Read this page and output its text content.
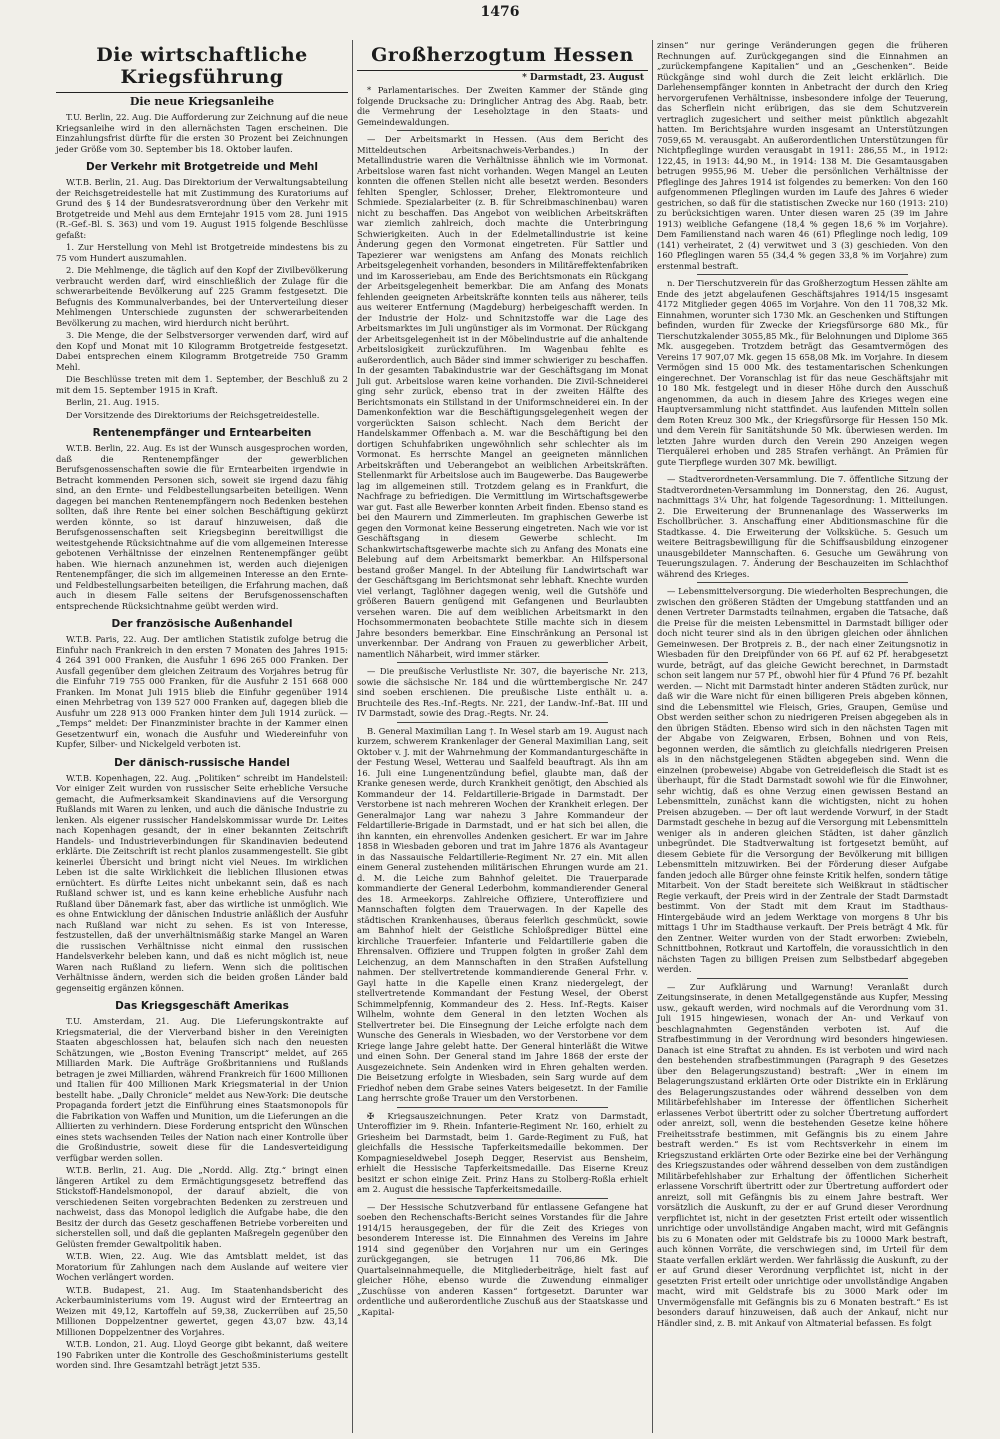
1476
Die wirtschaftliche Kriegsführung
Die neue Kriegsanleihe

T.U. Berlin, 22. Aug. Die Aufforderung zur Zeichnung auf die neue Kriegsanleihe wird in den allernächsten Tagen erscheinen. Die Einzahlungsfrist dürfte für die ersten 30 Prozent bei Zeichnungen jeder Größe vom 30. September bis 18. Oktober laufen.

Der Verkehr mit Brotgetreide und Mehl

W.T.B. Berlin, 21. Aug. Das Direktorium der Verwaltungsabteilung der Reichsgetreidestelle hat mit Zustimmung des Kuratoriums auf Grund des § 14 der Bundesratsverordnung über den Verkehr mit Brotgetreide und Mehl aus dem Erntejahr 1915 vom 28. Juni 1915 (R.-Gef.-Bl. S. 363) und vom 19. August 1915 folgende Beschlüsse gefaßt:

1. Zur Herstellung von Mehl ist Brotgetreide mindestens bis zu 75 vom Hundert auszumahlen.

2. Die Mehlmenge, die täglich auf den Kopf der Zivilbevölkerung verbraucht werden darf, wird einschließlich der Zulage für die schwerarbeitende Bevölkerung auf 225 Gramm festgesetzt. Die Befugnis des Kommunalverbandes, bei der Unterverteilung dieser Mehlmengen Unterschiede zugunsten der schwerarbeitenden Bevölkerung zu machen, wird hierdurch nicht berührt.

3. Die Menge, die der Selbstversorger verwenden darf, wird auf den Kopf und Monat mit 10 Kilogramm Brotgetreide festgesetzt. Dabei entsprechen einem Kilogramm Brotgetreide 750 Gramm Mehl.

Die Beschlüsse treten mit dem 1. September, der Beschluß zu 2 mit dem 15. September 1915 in Kraft.

Berlin, 21. Aug. 1915.

Der Vorsitzende des Direktoriums der Reichsgetreidestelle.

Rentenempfänger und Erntearbeiten

W.T.B. Berlin, 22. Aug. Es ist der Wunsch ausgesprochen worden, daß die Rentenempfänger der gewerblichen Berufsgenossenschaften sowie die für Erntearbeiten irgendwie in Betracht kommenden Personen sich, soweit sie irgend dazu fähig sind, an den Ernte- und Feldbestellungsarbeiten beteiligen. Wenn dagegen bei manchen Rentenempfängern noch Bedenken bestehen sollten, daß ihre Rente bei einer solchen Beschäftigung gekürzt werden könnte, so ist darauf hinzuweisen, daß die Berufsgenossenschaften seit Kriegsbeginn bereitwilligst die weitestgehende Rücksichtnahme auf die vom allgemeinen Interesse gebotenen Verhältnisse der einzelnen Rentenempfänger geübt haben. Wie hiernach anzunehmen ist, werden auch diejenigen Rentenempfänger, die sich im allgemeinen Interesse an den Ernte- und Feldbestellungsarbeiten beteiligen, die Erfahrung machen, daß auch in diesem Falle seitens der Berufsgenossenschaften entsprechende Rücksichtnahme geübt werden wird.

Der französische Außenhandel

W.T.B. Paris, 22. Aug. Der amtlichen Statistik zufolge betrug die Einfuhr nach Frankreich in den ersten 7 Monaten des Jahres 1915: 4 264 391 000 Franken, die Ausfuhr 1 696 265 000 Franken. Der Ausfall gegenüber dem gleichen Zeitraum des Vorjahres betrug für die Einfuhr 719 755 000 Franken, für die Ausfuhr 2 151 668 000 Franken. Im Monat Juli 1915 blieb die Einfuhr gegenüber 1914 einen Mehrbetrag von 139 527 000 Franken auf, dagegen blieb die Ausfuhr um 228 913 000 Franken hinter dem Juli 1914 zurück. — „Temps“ meldet: Der Finanzminister brachte in der Kammer einen Gesetzentwurf ein, wonach die Ausfuhr und Wiedereinfuhr von Kupfer, Silber- und Nickelgeld verboten ist.

Der dänisch-russische Handel

W.T.B. Kopenhagen, 22. Aug. „Politiken“ schreibt im Handelsteil: Vor einiger Zeit wurden von russischer Seite erhebliche Versuche gemacht, die Aufmerksamkeit Skandinaviens auf die Versorgung Rußlands mit Waren zu lenken, und auch die dänische Industrie zu lenken. Als eigener russischer Handelskommissar wurde Dr. Leites nach Kopenhagen gesandt, der in einer bekannten Zeitschrift Handels- und Industrieverbindungen für Skandinavien bedeutend erklärte. Die Zeitschrift ist recht planlos zusammengestellt. Sie gibt keinerlei Übersicht und bringt nicht viel Neues. Im wirklichen Leben ist die salte Wirklichkeit die lieblichen Illusionen etwas ernüchtert. Es dürfte Leites nicht unbekannt sein, daß es nach Rußland schwer ist, und es kann keine erhebliche Ausfuhr nach Rußland über Dänemark fast, aber das wirtliche ist unmöglich. Wie es ohne Entwicklung der dänischen Industrie anläßlich der Ausfuhr nach Rußland war nicht zu sehen. Es ist von Interesse, festzustellen, daß der unverhältnismäßig starke Mangel an Waren die russischen Verhältnisse nicht einmal den russischen Handelsverkehr beleben kann, und daß es nicht möglich ist, neue Waren nach Rußland zu liefern. Wenn sich die politischen Verhältnisse ändern, werden sich die beiden großen Länder bald gegenseitig ergänzen können.

Das Kriegsgeschäft Amerikas

T.U. Amsterdam, 21. Aug. Die Lieferungskontrakte auf Kriegsmaterial, die der Vierverband bisher in den Vereinigten Staaten abgeschlossen hat, belaufen sich nach den neuesten Schätzungen, wie „Boston Evening Transcript“ meldet, auf 265 Milliarden Mark. Die Aufträge Großbritanniens und Rußlands betragen je zwei Milliarden, während Frankreich für 1600 Millionen und Italien für 400 Millionen Mark Kriegsmaterial in der Union bestellt habe. „Daily Chronicle“ meldet aus New-York: Die deutsche Propaganda fordert jetzt die Einführung eines Staatsmonopols für die Fabrikation von Waffen und Munition, um die Lieferungen an die Alliierten zu verhindern. Diese Forderung entspricht den Wünschen eines stets wachsenden Teiles der Nation nach einer Kontrolle über die Großindustrie, soweit diese für die Landesverteidigung verfügbar werden sollen.

W.T.B. Berlin, 21. Aug. Die „Nordd. Allg. Ztg.“ bringt einen längeren Artikel zu dem Ermächtigungsgesetz betreffend das Stickstoff-Handelsmonopol, der darauf abzielt, die von verschiedenen Seiten vorgebrachten Bedenken zu zerstreuen und nachweist, dass das Monopol lediglich die Aufgabe habe, die den Besitz der durch das Gesetz geschaffenen Betriebe vorbereiten und sicherstellen soll, und daß die geplanten Maßregeln gegenüber den Gelüsten fremder Gewaltpolitik haben.

W.T.B. Wien, 22. Aug. Wie das Amtsblatt meldet, ist das Moratorium für Zahlungen nach dem Auslande auf weitere vier Wochen verlängert worden.

W.T.B. Budapest, 21. Aug. Im Staatenhandsbericht des Ackerbauministeriums vom 19. August wird der Ernteertrag an Weizen mit 49,12, Kartoffeln auf 59,38, Zuckerrüben auf 25,50 Millionen Doppelzentner gewertet, gegen 43,07 bzw. 43,14 Millionen Doppelzentner des Vorjahres.

W.T.B. London, 21. Aug. Lloyd George gibt bekannt, daß weitere 190 Fabriken unter die Kontrolle des Geschoßministeriums gestellt worden sind. Ihre Gesamtzahl beträgt jetzt 535.

Großherzogtum Hessen
* Darmstadt, 23. August

* Parlamentarisches. Der Zweiten Kammer der Stände ging folgende Drucksache zu: Dringlicher Antrag des Abg. Raab, betr. die Vermehrung der Leseholztage in den Staats- und Gemeindewaldungen.

— Der Arbeitsmarkt in Hessen. (Aus dem Bericht des Mitteldeutschen Arbeitsnachweis-Verbandes.) In der Metallindustrie waren die Verhältnisse ähnlich wie im Vormonat. Arbeitslose waren fast nicht vorhanden. Wegen Mangel an Leuten konnten die offenen Stellen nicht alle besetzt werden. Besonders fehlten Spengler, Schlosser, Dreher, Elektromonteure und Schmiede. Spezialarbeiter (z. B. für Schreibmaschinenbau) waren nicht zu beschaffen. Das Angebot von weiblichen Arbeitskräften war ziemlich zahlreich, doch machte die Unterbringung Schwierigkeiten. Auch in der Edelmetallindustrie ist keine Änderung gegen den Vormonat eingetreten. Für Sattler und Tapezierer war wenigstens am Anfang des Monats reichlich Arbeitsgelegenheit vorhanden, besonders in Militäreffektenfabriken und im Karosseriebau, am Ende des Berichtsmonats ein Rückgang der Arbeitsgelegenheit bemerkbar. Die am Anfang des Monats fehlenden geeigneten Arbeitskräfte konnten teils aus näherer, teils aus weiterer Entfernung (Magdeburg) herbeigeschafft werden. In der Industrie der Holz- und Schnitzstoffe war die Lage des Arbeitsmarktes im Juli ungünstiger als im Vormonat. Der Rückgang der Arbeitsgelegenheit ist in der Möbelindustrie auf die anhaltende Arbeitslosigkeit zurückzuführen. Im Wagenbau fehlte es außerordentlich, auch Bäder sind immer schwieriger zu beschaffen. In der gesamten Tabakindustrie war der Geschäftsgang im Monat Juli gut. Arbeitslose waren keine vorhanden. Die Zivil-Schneiderei ging sehr zurück, ebenso trat in der zweiten Hälfte des Berichtsmonats ein Stillstand in der Uniformschneiderei ein. In der Damenkonfektion war die Beschäftigungsgelegenheit wegen der vorgerückten Saison schlecht. Nach dem Bericht der Handelskammer Offenbach a. M. war die Beschäftigung bei den dortigen Schuhfabriken ungewöhnlich sehr schlechter als im Vormonat. Es herrschte Mangel an geeigneten männlichen Arbeitskräften und Ueberangebot an weiblichen Arbeitskräften. Stellenmarkt für Arbeitslose auch im Baugewerbe. Das Baugewerbe lag im allgemeinen still. Trotzdem gelang es in Frankfurt, die Nachfrage zu befriedigen. Die Vermittlung im Wirtschaftsgewerbe war gut. Fast alle Bewerber konnten Arbeit finden. Ebenso stand es bei den Maurern und Zimmerleuten. Im graphischen Gewerbe ist gegen den Vormonat keine Besserung eingetreten. Nach wie vor ist Geschäftsgang in diesem Gewerbe schlecht. Im Schankwirtschaftsgewerbe machte sich zu Anfang des Monats eine Belebung auf dem Arbeitsmarkt bemerkbar. An Hilfspersonal bestand großer Mangel. In der Abteilung für Landwirtschaft war der Geschäftsgang im Berichtsmonat sehr lebhaft. Knechte wurden viel verlangt, Taglöhner dagegen wenig, weil die Gutshöfe und größeren Bauern genügend mit Gefangenen und Beurlaubten versehen waren. Die auf dem weiblichen Arbeitsmarkt in den Hochsommermonaten beobachtete Stille machte sich in diesem Jahre besonders bemerkbar. Eine Einschränkung an Personal ist unverkennbar. Der Andrang von Frauen zu gewerblicher Arbeit, namentlich Näharbeit, wird immer stärker.

— Die preußische Verlustliste Nr. 307, die bayerische Nr. 213, sowie die sächsische Nr. 184 und die württembergische Nr. 247 sind soeben erschienen. Die preußische Liste enthält u. a. Bruchteile des Res.-Inf.-Regts. Nr. 221, der Landw.-Inf.-Bat. III und IV Darmstadt, sowie des Drag.-Regts. Nr. 24.

B. General Maximilian Lang †. In Wesel starb am 19. August nach kurzem, schwerem Krankenlager der General Maximilian Lang, seit Oktober v. J. mit der Wahrnehmung der Kommandanturgeschäfte in der Festung Wesel, Wetterau und Saalfeld beauftragt. Als ihn am 16. Juli eine Lungenentzündung befiel, glaubte man, daß der Kranke genesen werde, durch Krankheit genötigt, den Abschied als Kommandeur der 14. Feldartillerie-Brigade in Darmstadt. Der Verstorbene ist nach mehreren Wochen der Krankheit erlegen. Der Generalmajor Lang war nahezu 3 Jahre Kommandeur der Feldartillerie-Brigade in Darmstadt, und er hat sich bei allen, die ihn kannten, ein ehrenvolles Andenken gesichert. Er war im Jahre 1858 in Wiesbaden geboren und trat im Jahre 1876 als Avantageur in das Nassauische Feldartillerie-Regiment Nr. 27 ein. Mit allen einem General zustehenden militärischen Ehrungen wurde am 21. d. M. die Leiche zum Bahnhof geleitet. Die Trauerparade kommandierte der General Lederbohm, kommandierender General des 18. Armeekorps. Zahlreiche Offiziere, Unteroffiziere und Mannschaften folgten dem Trauerwagen. In der Kapelle des städtischen Krankenhauses, überaus feierlich geschmückt, sowie am Bahnhof hielt der Geistliche Schloßprediger Büttel eine kirchliche Trauerfeier. Infanterie und Feldartillerie gaben die Ehrensalven. Offiziere und Truppen folgten in großer Zahl dem Leichenzug, an dem Mannschaften in den Straßen Aufstellung nahmen. Der stellvertretende kommandierende General Frhr. v. Gayl hatte in die Kapelle einen Kranz niedergelegt, der stellvertretende Kommandant der Festung Wesel, der Oberst Schimmelpfennig, Kommandeur des 2. Hess. Inf.-Regts. Kaiser Wilhelm, wohnte dem General in den letzten Wochen als Stellvertreter bei. Die Einsegnung der Leiche erfolgte nach dem Wunsche des Generals in Wiesbaden, wo der Verstorbene vor dem Kriege lange Jahre gelebt hatte. Der General hinterläßt die Witwe und einen Sohn. Der General stand im Jahre 1868 der erste der Ausgezeichnete. Sein Andenken wird in Ehren gehalten werden. Die Beisetzung erfolgte in Wiesbaden, sein Sarg wurde auf dem Friedhof neben dem Grabe seines Vaters beigesetzt. In der Familie Lang herrschte große Trauer um den Verstorbenen.

✠ Kriegsauszeichnungen. Peter Kratz von Darmstadt, Unteroffizier im 9. Rhein. Infanterie-Regiment Nr. 160, erhielt zu Griesheim bei Darmstadt, beim 1. Garde-Regiment zu Fuß, hat gleichfalls die Hessische Tapferkeitsmedaille bekommen. Der Kompagnieseldwebel Joseph Degger, Reservist aus Bensheim, erhielt die Hessische Tapferkeitsmedaille. Das Eiserne Kreuz besitzt er schon einige Zeit. Prinz Hans zu Stolberg-Roßla erhielt am 2. August die hessische Tapferkeitsmedaille.

— Der Hessische Schutzverband für entlassene Gefangene hat soeben den Rechenschafts-Bericht seines Vorstandes für die Jahre 1914/15 herausgegeben, der für die Zeit des Krieges von besonderem Interesse ist. Die Einnahmen des Vereins im Jahre 1914 sind gegenüber den Vorjahren nur um ein Geringes zurückgegangen, sie betrugen 11 706,86 Mk. Die Quartalseinnahmequelle, die Mitgliederbeiträge, hielt fast auf gleicher Höhe, ebenso wurde die Zuwendung einmaliger „Zuschüsse von anderen Kassen“ fortgesetzt. Darunter war ordentliche und außerordentliche Zuschuß aus der Staatskasse und „Kapital-

zinsen“ nur geringe Veränderungen gegen die früheren Rechnungen auf. Zurückgegangen sind die Einnahmen an „zurückempfangene Kapitalien“ und an „Geschenken“. Beide Rückgänge sind wohl durch die Zeit leicht erklärlich. Die Darlehensempfänger konnten in Anbetracht der durch den Krieg hervorgerufenen Verhältnisse, insbesondere infolge der Teuerung, das Scherflein nicht erübrigen, das sie dem Schutzverein vertraglich zugesichert und seither meist pünktlich abgezahlt hatten. Im Berichtsjahre wurden insgesamt an Unterstützungen 7059,65 M. verausgabt. An außerordentlichen Unterstützungen für Nichtpfleglinge wurden verausgabt in 1911: 286,55 M., in 1912: 122,45, in 1913: 44,90 M., in 1914: 138 M. Die Gesamtausgaben betrugen 9955,96 M. Ueber die persönlichen Verhältnisse der Pfleglinge des Jahres 1914 ist folgendes zu bemerken: Von den 160 aufgenommenen Pfleglingen wurden im Laufe des Jahres 6 wieder gestrichen, so daß für die statistischen Zwecke nur 160 (1913: 210) zu berücksichtigen waren. Unter diesen waren 25 (39 im Jahre 1913) weibliche Gefangene (18,4 % gegen 18,6 % im Vorjahre). Dem Familienstand nach waren 46 (61) Pfleglinge noch ledig, 109 (141) verheiratet, 2 (4) verwitwet und 3 (3) geschieden. Von den 160 Pfleglingen waren 55 (34,4 % gegen 33,8 % im Vorjahre) zum erstenmal bestraft.

n. Der Tierschutzverein für das Großherzogtum Hessen zählte am Ende des jetzt abgelaufenen Geschäftsjahres 1914/15 insgesamt 4172 Mitglieder gegen 4065 im Vorjahre. Von den 11 708,32 Mk. Einnahmen, worunter sich 1730 Mk. an Geschenken und Stiftungen befinden, wurden für Zwecke der Kriegsfürsorge 680 Mk., für Tierschutzkalender 3055,85 Mk., für Belohnungen und Diplome 365 Mk. ausgegeben. Trotzdem beträgt das Gesamtvermögen des Vereins 17 907,07 Mk. gegen 15 658,08 Mk. im Vorjahre. In diesem Vermögen sind 15 000 Mk. des testamentarischen Schenkungen eingerechnet. Der Voranschlag ist für das neue Geschäftsjahr mit 10 180 Mk. festgelegt und in dieser Höhe durch den Ausschuß angenommen, da auch in diesem Jahre des Krieges wegen eine Hauptversammlung nicht stattfindet. Aus laufenden Mitteln sollen dem Roten Kreuz 300 Mk., der Kriegsfürsorge für Hessen 150 Mk. und dem Verein für Sanitätshunde 50 Mk. überwiesen werden. Im letzten Jahre wurden durch den Verein 290 Anzeigen wegen Tierquälerei erhoben und 285 Strafen verhängt. An Prämien für gute Tierpflege wurden 307 Mk. bewilligt.

— Stadtverordneten-Versammlung. Die 7. öffentliche Sitzung der Stadtverordneten-Versammlung im Donnerstag, den 26. August, nachmittags 3¼ Uhr, hat folgende Tagesordnung: 1. Mitteilungen. 2. Die Erweiterung der Brunnenanlage des Wasserwerks im Eschollbrücher. 3. Anschaffung einer Abditionsmaschine für die Stadtkasse. 4. Die Erweiterung der Volksküche. 5. Gesuch um weitere Beitragsbewilligung für die Schiffsausbildung einzogener unausgebildeter Mannschaften. 6. Gesuche um Gewährung von Teuerungszulagen. 7. Änderung der Beschauzeiten im Schlachthof während des Krieges.

— Lebensmittelversorgung. Die wiederholten Besprechungen, die zwischen den größeren Städten der Umgebung stattfanden und an denen Vertreter Darmstadts teilnahmen, ergaben die Tatsache, daß die Preise für die meisten Lebensmittel in Darmstadt billiger oder doch nicht teurer sind als in den übrigen gleichen oder ähnlichen Gemeinwesen. Der Brotpreis z. B., der nach einer Zeitungsnotiz in Wiesbaden für den Dreipfünder von 66 Pf. auf 62 Pf. herabgesetzt wurde, beträgt, auf das gleiche Gewicht berechnet, in Darmstadt schon seit langem nur 57 Pf., obwohl hier für 4 Pfund 76 Pf. bezahlt werden. — Nicht mit Darmstadt hinter anderen Städten zurück, nur daß wir die Ware nicht für einen billigeren Preis abgeben können, sind die Lebensmittel wie Fleisch, Gries, Graupen, Gemüse und Obst werden seither schon zu niedrigeren Preisen abgegeben als in den übrigen Städten. Ebenso wird sich in den nächsten Tagen mit der Abgabe von Zeigwaren, Erbsen, Bohnen und von Reis, begonnen werden, die sämtlich zu gleichfalls niedrigeren Preisen als in den nächstgelegenen Städten abgegeben sind. Wenn die einzelnen (probeweise) Abgabe von Getreidefleisch die Stadt ist es überhaupt, für die Stadt Darmstadt sowohl wie für die Einwohner, sehr wichtig, daß es ohne Verzug einen gewissen Bestand an Lebensmitteln, zunächst kann die wichtigsten, nicht zu hohen Preisen abzugeben. — Der oft laut werdende Vorwurf, in der Stadt Darmstadt geschehe in bezug auf die Versorgung mit Lebensmitteln weniger als in anderen gleichen Städten, ist daher gänzlich unbegründet. Die Stadtverwaltung ist fortgesetzt bemüht, auf diesem Gebiete für die Versorgung der Bevölkerung mit billigen Lebensmitteln mitzuwirken. Bei der Förderung dieser Aufgabe fanden jedoch alle Bürger ohne feinste Kritik helfen, sondern tätige Mitarbeit. Von der Stadt bereitete sich Weißkraut in städtischer Regie verkauft, der Preis wird in der Zentrale der Stadt Darmstadt bestimmt. Von der Stadt mit dem Kraut im Stadthaus-Hintergebäude wird an jedem Werktage von morgens 8 Uhr bis mittags 1 Uhr im Stadthause verkauft. Der Preis beträgt 4 Mk. für den Zentner. Weiter wurden von der Stadt erworben: Zwiebeln, Schnittbohnen, Rotkraut und Kartoffeln, die voraussichtlich in den nächsten Tagen zu billigen Preisen zum Selbstbedarf abgegeben werden.

— Zur Aufklärung und Warnung! Veranlaßt durch Zeitungsinserate, in denen Metallgegenstände aus Kupfer, Messing usw., gekauft werden, wird nochmals auf die Verordnung vom 31. Juli 1915 hingewiesen, wonach der An- und Verkauf von beschlagnahmten Gegenständen verboten ist. Auf die Strafbestimmung in der Verordnung wird besonders hingewiesen. Danach ist eine Straftat zu ahnden. Es ist verboten und wird nach den bestehenden strafbestimmungen (Paragraph 9 des Gesetzes über den Belagerungszustand) bestraft: „Wer in einem im Belagerungszustand erklärten Orte oder Distrikte ein in Erklärung des Belagerungszustandes oder während desselben von dem Militärbefehlshaber im Interesse der öffentlichen Sicherheit erlassenes Verbot übertritt oder zu solcher Übertretung auffordert oder anreizt, soll, wenn die bestehenden Gesetze keine höhere Freiheitsstrafe bestimmen, mit Gefängnis bis zu einem Jahre bestraft werden.“ Es ist vom Rechtsverkehr in einem im Kriegszustand erklärten Orte oder Bezirke eine bei der Verhängung des Kriegszustandes oder während desselben von dem zuständigen Militärbefehlshaber zur Erhaltung der öffentlichen Sicherheit erlassene Vorschrift übertritt oder zur Übertretung auffordert oder anreizt, soll mit Gefängnis bis zu einem Jahre bestraft. Wer vorsätzlich die Auskunft, zu der er auf Grund dieser Verordnung verpflichtet ist, nicht in der gesetzten Frist erteilt oder wissentlich unrichtige oder unvollständige Angaben macht, wird mit Gefängnis bis zu 6 Monaten oder mit Geldstrafe bis zu 10000 Mark bestraft, auch können Vorräte, die verschwiegen sind, im Urteil für dem Staate verfallen erklärt werden. Wer fahrlässig die Auskunft, zu der er auf Grund dieser Verordnung verpflichtet ist, nicht in der gesetzten Frist erteilt oder unrichtige oder unvollständige Angaben macht, wird mit Geldstrafe bis zu 3000 Mark oder im Unvermögensfalle mit Gefängnis bis zu 6 Monaten bestraft.“ Es ist besonders darauf hinzuweisen, daß auch der Ankauf, nicht nur Händler sind, z. B. mit Ankauf von Altmaterial befassen. Es folgt
